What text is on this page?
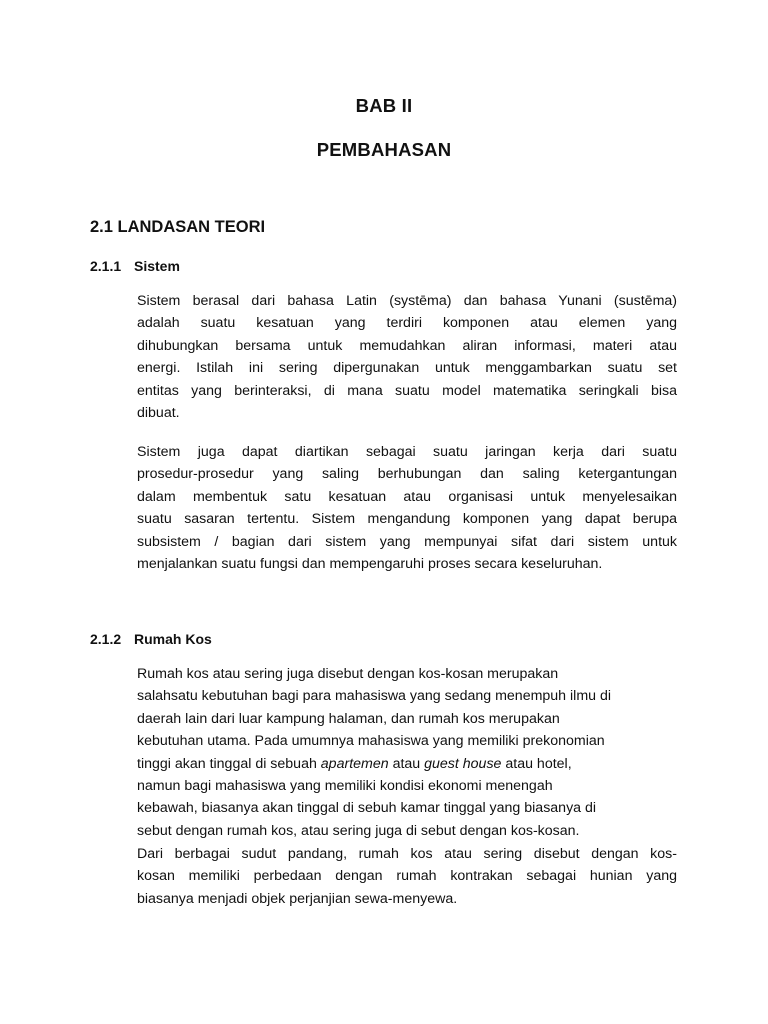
BAB II
PEMBAHASAN
2.1 LANDASAN TEORI
2.1.1 Sistem
Sistem berasal dari bahasa Latin (systēma) dan bahasa Yunani (sustēma)
adalah suatu kesatuan yang terdiri komponen atau elemen yang
dihubungkan bersama untuk memudahkan aliran informasi, materi atau
energi. Istilah ini sering dipergunakan untuk menggambarkan suatu set
entitas yang berinteraksi, di mana suatu model matematika seringkali bisa
dibuat.
Sistem juga dapat diartikan sebagai suatu jaringan kerja dari suatu
prosedur-prosedur yang saling berhubungan dan saling ketergantungan
dalam membentuk satu kesatuan atau organisasi untuk menyelesaikan
suatu sasaran tertentu. Sistem mengandung komponen yang dapat berupa
subsistem / bagian dari sistem yang mempunyai sifat dari sistem untuk
menjalankan suatu fungsi dan mempengaruhi proses secara keseluruhan.
2.1.2 Rumah Kos
Rumah kos atau sering juga disebut dengan kos-kosan merupakan
salahsatu kebutuhan bagi para mahasiswa yang sedang menempuh ilmu di
daerah lain dari luar kampung halaman, dan rumah kos merupakan
kebutuhan utama. Pada umumnya mahasiswa yang memiliki prekonomian
tinggi akan tinggal di sebuah apartemen atau guest house atau hotel,
namun bagi mahasiswa yang memiliki kondisi ekonomi menengah
kebawah, biasanya akan tinggal di sebuh kamar tinggal yang biasanya di
sebut dengan rumah kos, atau sering juga di sebut dengan kos-kosan.
Dari berbagai sudut pandang, rumah kos atau sering disebut dengan kos-
kosan memiliki perbedaan dengan rumah kontrakan sebagai hunian yang
biasanya menjadi objek perjanjian sewa-menyewa.
